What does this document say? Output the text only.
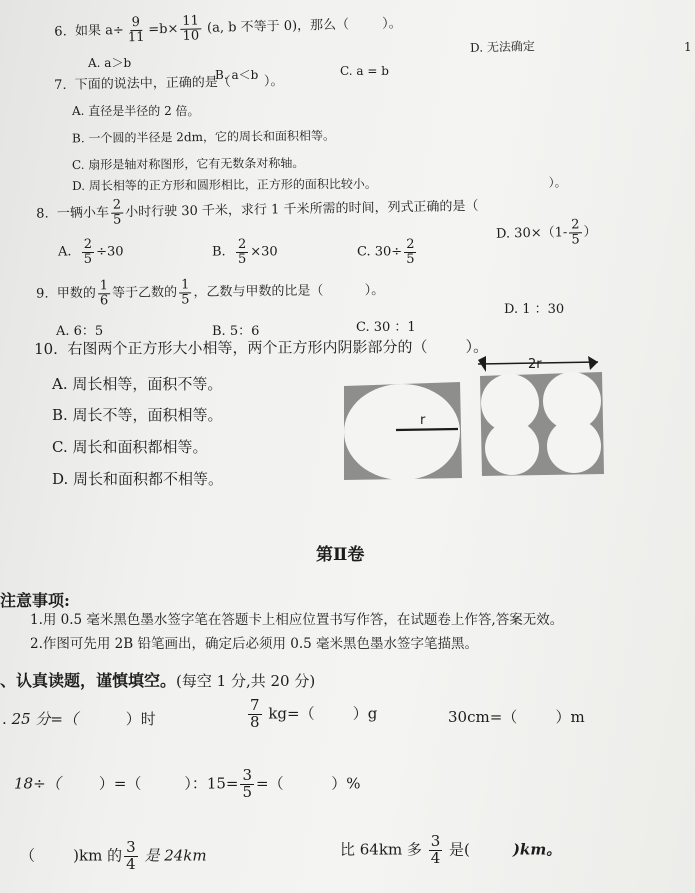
6. 如果 $a\div \frac{9}{11} =b\times \frac{11}{10} (a$, b 不等于 0)，那么（	）。
A. a＞b
B. a＜b	C. a = b
D. 无法确定	1
7. 下面的说法中，正确的是（	）。
A. 直径是半径的 2 倍。
B. 一个圆的半径是 2dm，它的周长和面积相等。
C. 扇形是轴对称图形，它有无数条对称轴。
D. 周长相等的正方形和圆形相比，正方形的面积比较小。	）。
8. 一辆小车 $\frac{2}{5}$ 小时行驶 30 千米，求行 1 千米所需的时间，列式正确的是（
A. $\frac{2}{5} \div 30$	B. $\frac{2}{5} \times 30$	C. $30\div \frac{2}{5}$
D. $30\times(1- \frac{2}{5}$ ）
9. 甲数的 $\frac{1}{6}$ 等于乙数的 $\frac{1}{5}$ ，乙数与甲数的比是（	）。
A. 6：5	B. 5：6	C. 30 ：1
D. 1 ：30
10. 右图两个正方形大小相等，两个正方形内阴影部分的（	）。
A. 周长相等，面积不等。
B. 周长不等，面积相等。
C. 周长和面积都相等。
D. 周长和面积都不相等。
r
2r
第Ⅱ卷
注意事项:
1.用 0.5 毫米黑色墨水签字笔在答题卡上相应位置书写作答，在试题卷上作答,答案无效。
2.作图可先用 2B 铅笔画出，确定后必须用 0.5 毫米黑色墨水签字笔描黑。
、认真读题，谨慎填空。(每空 1 分,共 20 分)
. 25 分=（	）时	$\frac{7}{8} kg=$（	）g	30cm=（	）m
18÷（	）=（	）：$15= \frac{3}{5}$ =（	）%
（	)km 的 $\frac{3}{4}$ 是 24km	比 64km 多 $\frac{3}{4}$ 是(	)km。
